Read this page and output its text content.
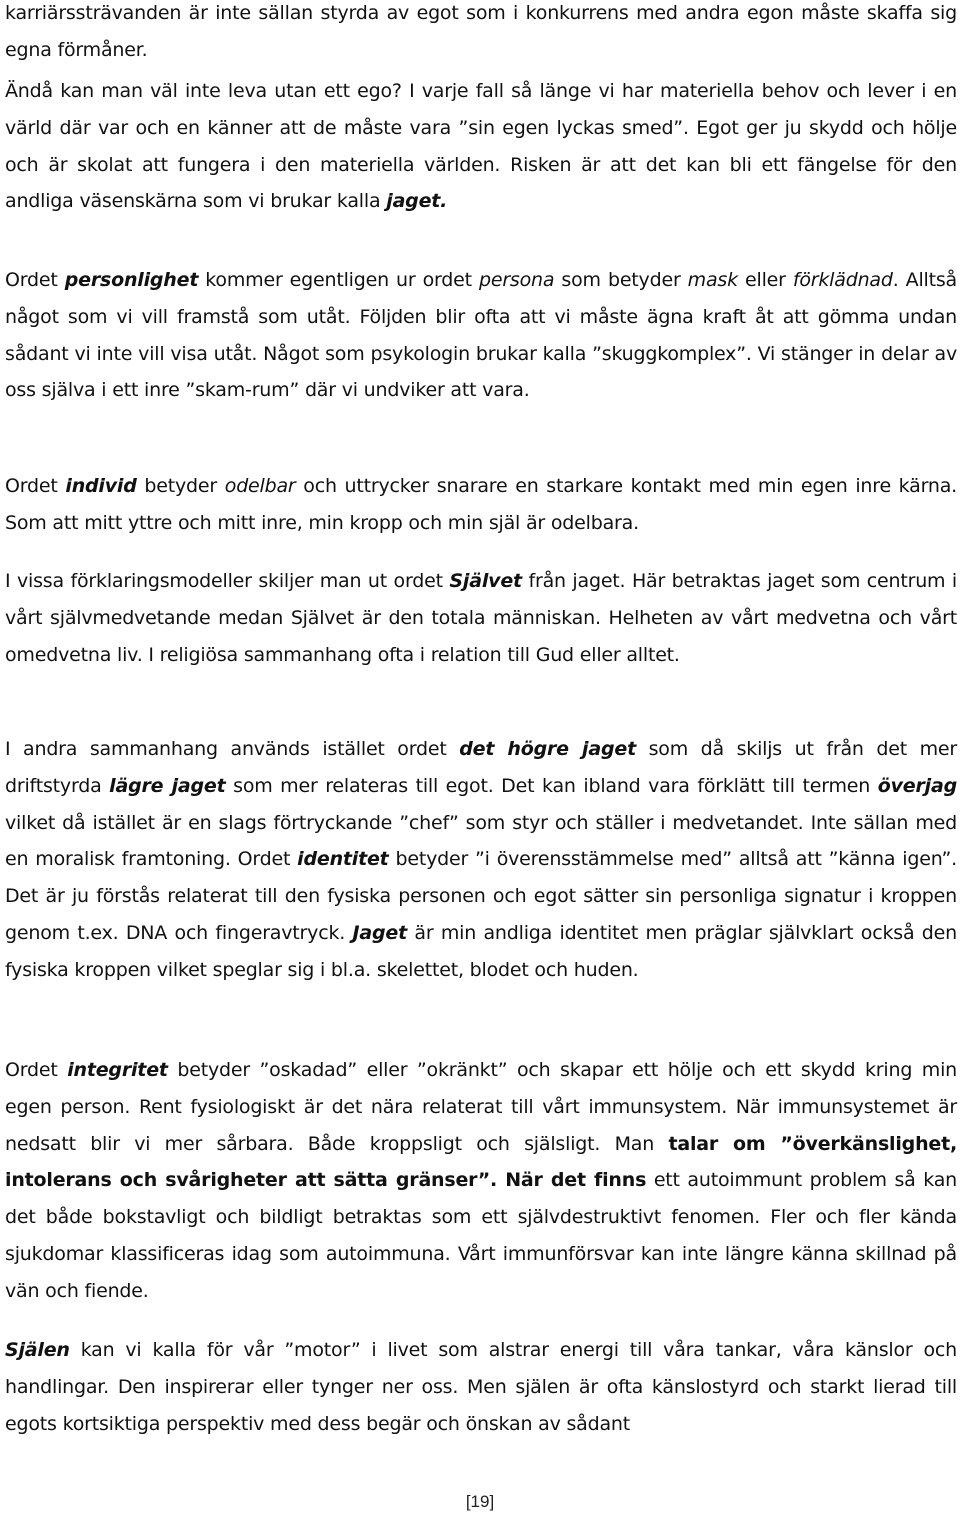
karriärssträvanden är inte sällan styrda av egot som i konkurrens med andra egon måste skaffa sig egna förmåner.

Ändå kan man väl inte leva utan ett ego? I varje fall så länge vi har materiella behov och lever i en värld där var och en känner att de måste vara ”sin egen lyckas smed”. Egot ger ju skydd och hölje och är skolat att fungera i den materiella världen. Risken är att det kan bli ett fängelse för den andliga väsenskärna som vi brukar kalla jaget.

Ordet personlighet kommer egentligen ur ordet persona som betyder mask eller förklädnad. Alltså något som vi vill framstå som utåt. Följden blir ofta att vi måste ägna kraft åt att gömma undan sådant vi inte vill visa utåt. Något som psykologin brukar kalla ”skuggkomplex”. Vi stänger in delar av oss själva i ett inre ”skam-rum” där vi undviker att vara.

Ordet individ betyder odelbar och uttrycker snarare en starkare kontakt med min egen inre kärna. Som att mitt yttre och mitt inre, min kropp och min själ är odelbara.

I vissa förklaringsmodeller skiljer man ut ordet Självet från jaget. Här betraktas jaget som centrum i vårt självmedvetande medan Självet är den totala människan. Helheten av vårt medvetna och vårt omedvetna liv. I religiösa sammanhang ofta i relation till Gud eller alltet.

I andra sammanhang används istället ordet det högre jaget som då skiljs ut från det mer driftstyrda lägre jaget som mer relateras till egot. Det kan ibland vara förklätt till termen överjag vilket då istället är en slags förtryckande ”chef” som styr och ställer i medvetandet. Inte sällan med en moralisk framtoning. Ordet identitet betyder ”i överensstämmelse med” alltså att ”känna igen”. Det är ju förstås relaterat till den fysiska personen och egot sätter sin personliga signatur i kroppen genom t.ex. DNA och fingeravtryck. Jaget är min andliga identitet men präglar självklart också den fysiska kroppen vilket speglar sig i bl.a. skelettet, blodet och huden.

Ordet integritet betyder ”oskadad” eller ”okränkt” och skapar ett hölje och ett skydd kring min egen person. Rent fysiologiskt är det nära relaterat till vårt immunsystem. När immunsystemet är nedsatt blir vi mer sårbara. Både kroppsligt och själsligt. Man talar om ”överkänslighet, intolerans och svårigheter att sätta gränser”. När det finns ett autoimmunt problem så kan det både bokstavligt och bildligt betraktas som ett självdestruktivt fenomen. Fler och fler kända sjukdomar klassificeras idag som autoimmuna. Vårt immunförsvar kan inte längre känna skillnad på vän och fiende.

Själen kan vi kalla för vår ”motor” i livet som alstrar energi till våra tankar, våra känslor och handlingar. Den inspirerar eller tynger ner oss. Men själen är ofta känslostyrd och starkt lierad till egots kortsiktiga perspektiv med dess begär och önskan av sådant

[19]
